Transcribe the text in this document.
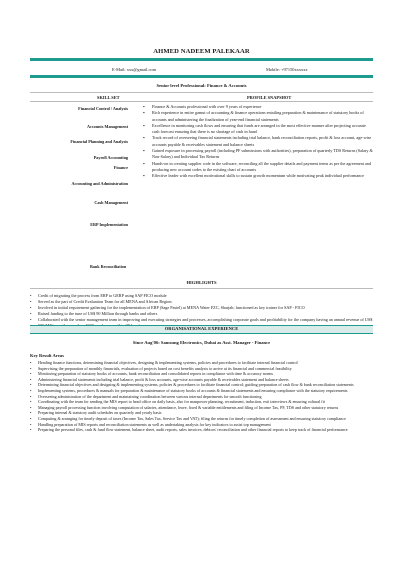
AHMED NADEEM PALEKAAR
E-Mail: xxx@gmail.com	Mobile: +97150xxxxxx
Senior level Professional: Finance & Accounts
SKILL SET	PROFILE SNAPSHOT
Financial Control / Analysis
Accounts Management
Financial Planning and Analysis
Payroll Accounting
Finance
Accounting and Administration
Cash Management
ERP Implementation
▪ Finance & Accounts professional with over 9 years of experience
▪ Rich experience in entire gamut of accounting & finance operations entailing preparation & maintenance of statutory books of accounts and administering the finalization of year-end financial statements
▪ Excellence in monitoring cash flows and ensuring that funds are arranged in the most effective manner after projecting accurate cash forecast ensuring that there is no shortage of cash in hand
▪ Track record of overseeing financial statements including trial balance, bank reconciliation reports, profit & loss account, age-wise accounts payable & receivables statement and balance sheets
▪ Gained exposure in processing payroll (including PF submissions with authorities), preparation of quarterly TDS Returns (Salary & Non-Salary) and Individual Tax Returns
▪ Hands-on in creating supplier code in the software, reconciling all the supplier details and payment terms as per the agreement and producing new account codes to the existing chart of accounts
▪ Effective leader with excellent motivational skills to sustain growth momentum while motivating peak individual performance
Bank Reconciliation
HIGHLIGHTS
• Credit of migrating the process from ERP to GERP using SAP FICO module
• Served as the part of Credit Evaluation Team for all MENA and African Region.
• Involved in initial requirement gathering for the implementation of ERP (Sage Pastel) at MENA Water FZC, Sharjah; functioned as key trainer for SAP - FICO
• Raised funding to the tune of US$ 90 Million through banks and others
• Collaborated with the senior management team in improving and executing strategies and processes, accomplishing corporate goals and profitability for the company having an annual revenue of US$
ORGANISATIONAL EXPERIENCE
Since Aug'06: Samsung Electronics, Dubai as Asst. Manager - Finance
Key Result Areas
• Heading finance functions, determining financial objectives, designing & implementing systems, policies and procedures to facilitate internal financial control
• Supervising the preparation of monthly financials, evaluation of projects based on cost benefits analysis to arrive at its financial and commercial feasibility
• Monitoring preparation of statutory books of accounts, bank reconciliation and consolidated reports in compliance with time & accuracy norms
• Administering financial statements including trial balance, profit & loss accounts, age-wise accounts payable & receivables statement and balance sheets
• Determining financial objectives and designing & implementing systems, policies & procedures to facilitate financial control; guiding preparation of cash flow & bank reconciliation statements
• Implementing systems, procedures & manuals for preparation & maintenance of statutory books of accounts & financial statements and ensuring compliance with the statutory requirements
• Overseeing administration of the department and maintaining coordination between various internal departments for smooth functioning
• Coordinating with the team for sending the MIS report to head office on daily basis, also for manpower planning, recruitment, induction, exit interviews & ensuring cultural fit
• Managing payroll processing function involving computation of salaries, attendance, leave, fixed & variable entitlements and filing of Income Tax, PF, TDS and other statutory returns
• Preparing internal & statutory audit schedules on quarterly and yearly basis
• Computing & arranging for timely deposit of taxes (Income Tax, Sales Tax, Service Tax and VAT); filing the returns for timely completion of assessment and ensuring statutory compliance
• Handling preparation of MIS reports and reconciliation statements as well as undertaking analysis for key indicators to assist top management
• Preparing the personal files, cash & fund flow statement, balance sheet, audit reports, sales invoices, debtors' reconciliation and other financial reports to keep track of financial performance
